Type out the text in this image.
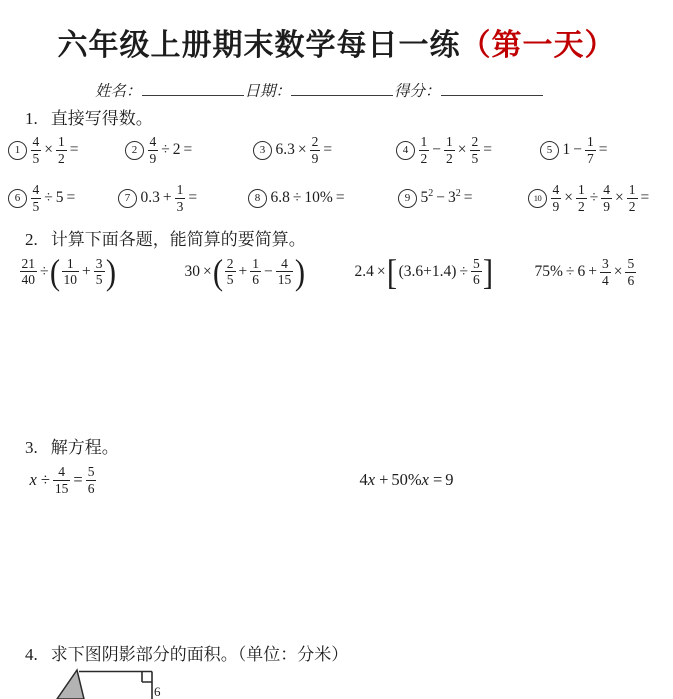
六年级上册期末数学每日一练（第一天）
姓名：	日期：	得分：
1. 直接写得数。
$1 \frac{4}{5} \times \frac{1}{2}$ =	$2 \frac{4}{9} \div 2$ =	3 $6.3 \times \frac{2}{9}$ =	4
1
$2 - \frac{1}{2} \times \frac{2}{5}$ =	5 $1 - \frac{1}{7}$ =
$6 \frac{4}{5} \div 5$ =	7 $0.3 + \frac{1}{3}$ =	8 6.8 ÷ 10% =	9 $5^2 - 3^2$ =	$10 \frac{4}{9} \times \frac{1}{2} \div \frac{4}{9} \times \frac{1}{2}$ =
2. 计算下面各题，能简算的要简算。
$\frac{21}{40}$ ÷ ( 1
$10 + \frac{3}{5}$ )	30 × ( 2
$5 + \frac{1}{6} - \frac{4}{15}$ )	2.4 × [ $(3.6+1.4) \div \frac{5}{6}$ ]	$75\% \div 6 + \frac{3}{4} \times \frac{5}{6}$
3. 解方程。
$x \div \frac{4}{15} = \frac{5}{6}$	4x + 50%x = 9
4. 求下图阴影部分的面积。（单位：分米）
6
